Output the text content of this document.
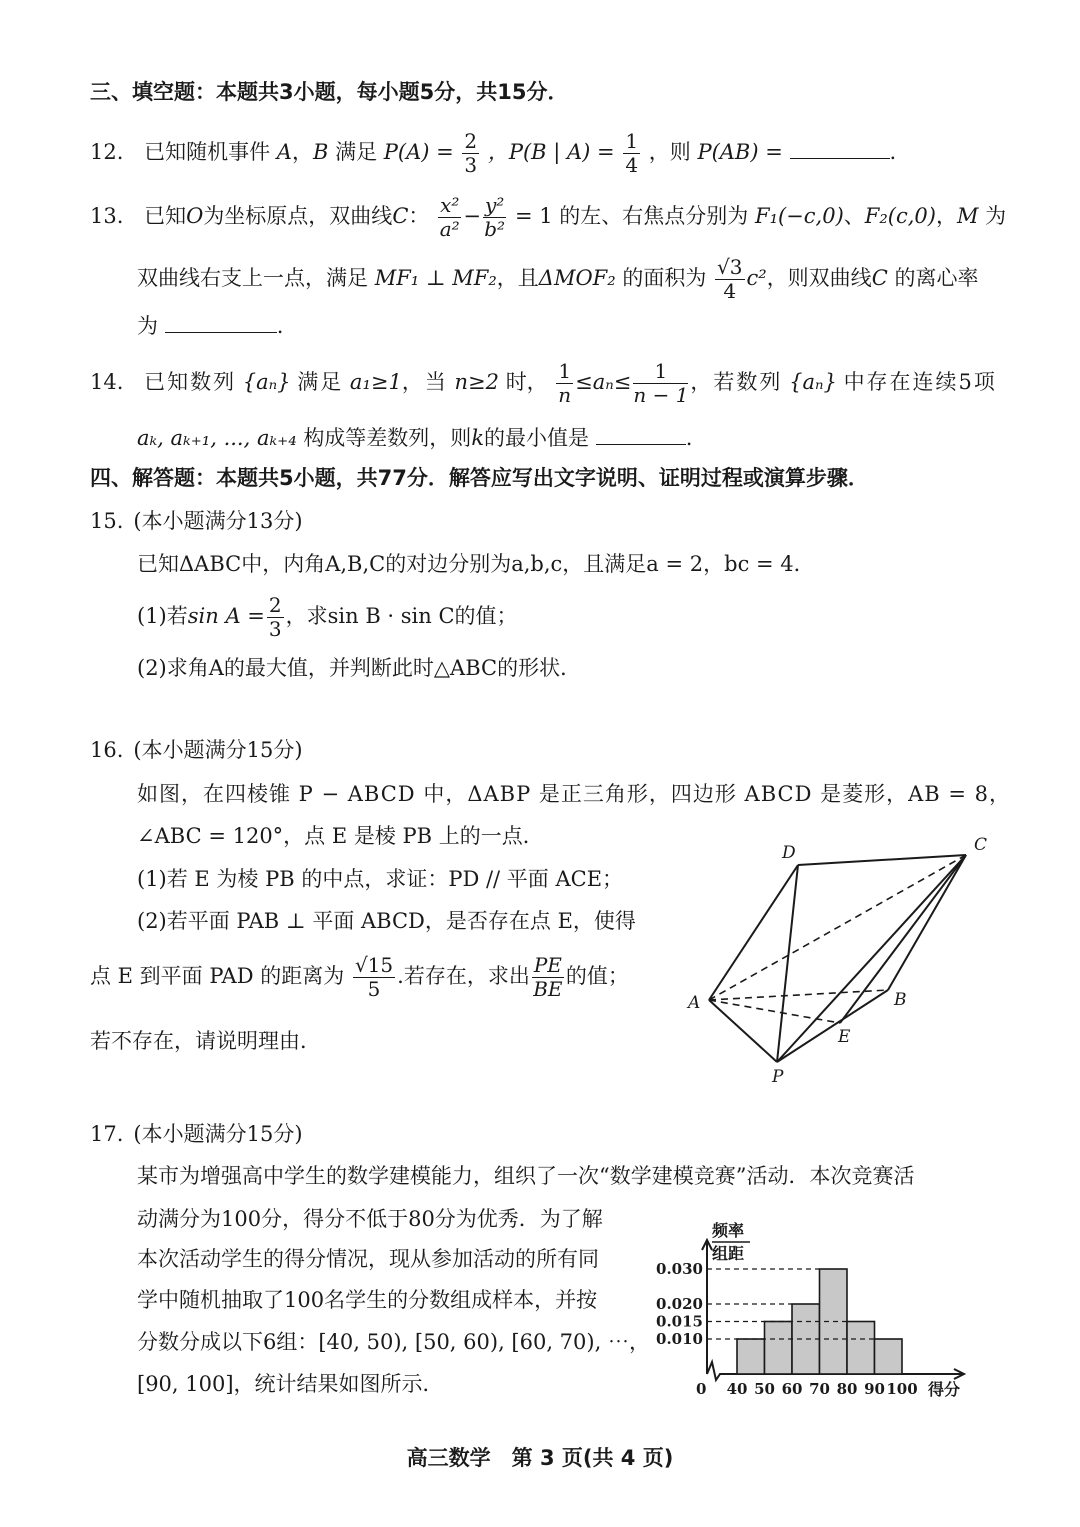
三、填空题：本题共3小题，每小题5分，共15分．
12. 已知随机事件 A，B 满足 $P(A) = \frac{2}{3}$ ，P(B | $A) = \frac{1}{4}$ ，则 P(AB) =	.
13. 已知O为坐标原点，双曲线C： $\frac{\text{x²}}{\text{a²}} - \frac{\text{y²}}{\text{b²}} = 1$ 的左、右焦点分别为 F₁(−c,0)、F₂(c,0)，M 为
双曲线右支上一点，满足 MF₁ ⊥ MF₂，且ΔMOF₂ 的面积为 $\frac{√3}{4} c^2$，则双曲线C 的离心率
为	.
14. 已知数列 {aₙ} 满足 a₁≥1，当 n≥2 时， $\frac{1}{n} \le a_n\le \frac{1}{n - 1}$ ，若数列 {aₙ} 中存在连续5项
aₖ, aₖ₊₁, ..., aₖ₊₄ 构成等差数列，则k的最小值是	.
四、解答题：本题共5小题，共77分．解答应写出文字说明、证明过程或演算步骤．
15. (本小题满分13分)
已知ΔABC中，内角A,B,C的对边分别为a,b,c，且满足a = 2，bc = 4．
(1)若$\sin A = \frac{2}{3}$ ，求sin B · sin C的值；
(2)求角A的最大值，并判断此时△ABC的形状．
16. (本小题满分15分)
如图，在四棱锥 P − ABCD 中，ΔABP 是正三角形，四边形 ABCD 是菱形，AB = 8，
∠ABC = 120°，点 E 是棱 PB 上的一点．
(1)若 E 为棱 PB 的中点，求证：PD // 平面 ACE；
(2)若平面 PAB ⊥ 平面 ABCD，是否存在点 E，使得
点 E 到平面 PAD 的距离为 $\frac{√15}{5}$ .若存在，求出 $\frac{PE}{BE}$ 的值；
若不存在，请说明理由．
D	C
A	B
E
P
17. (本小题满分15分)
某市为增强高中学生的数学建模能力，组织了一次“数学建模竞赛”活动．本次竞赛活
动满分为100分，得分不低于80分为优秀．为了解
本次活动学生的得分情况，现从参加活动的所有同
学中随机抽取了100名学生的分数组成样本，并按
分数分成以下6组：[40, 50), [50, 60), [60, 70), ⋯，
[90, 100]，统计结果如图所示．
0.030
0.020
0.015
0.010
40 50 60 70 80 90 100
频率
组距
0	得分
高三数学　第 3 页(共 4 页)
